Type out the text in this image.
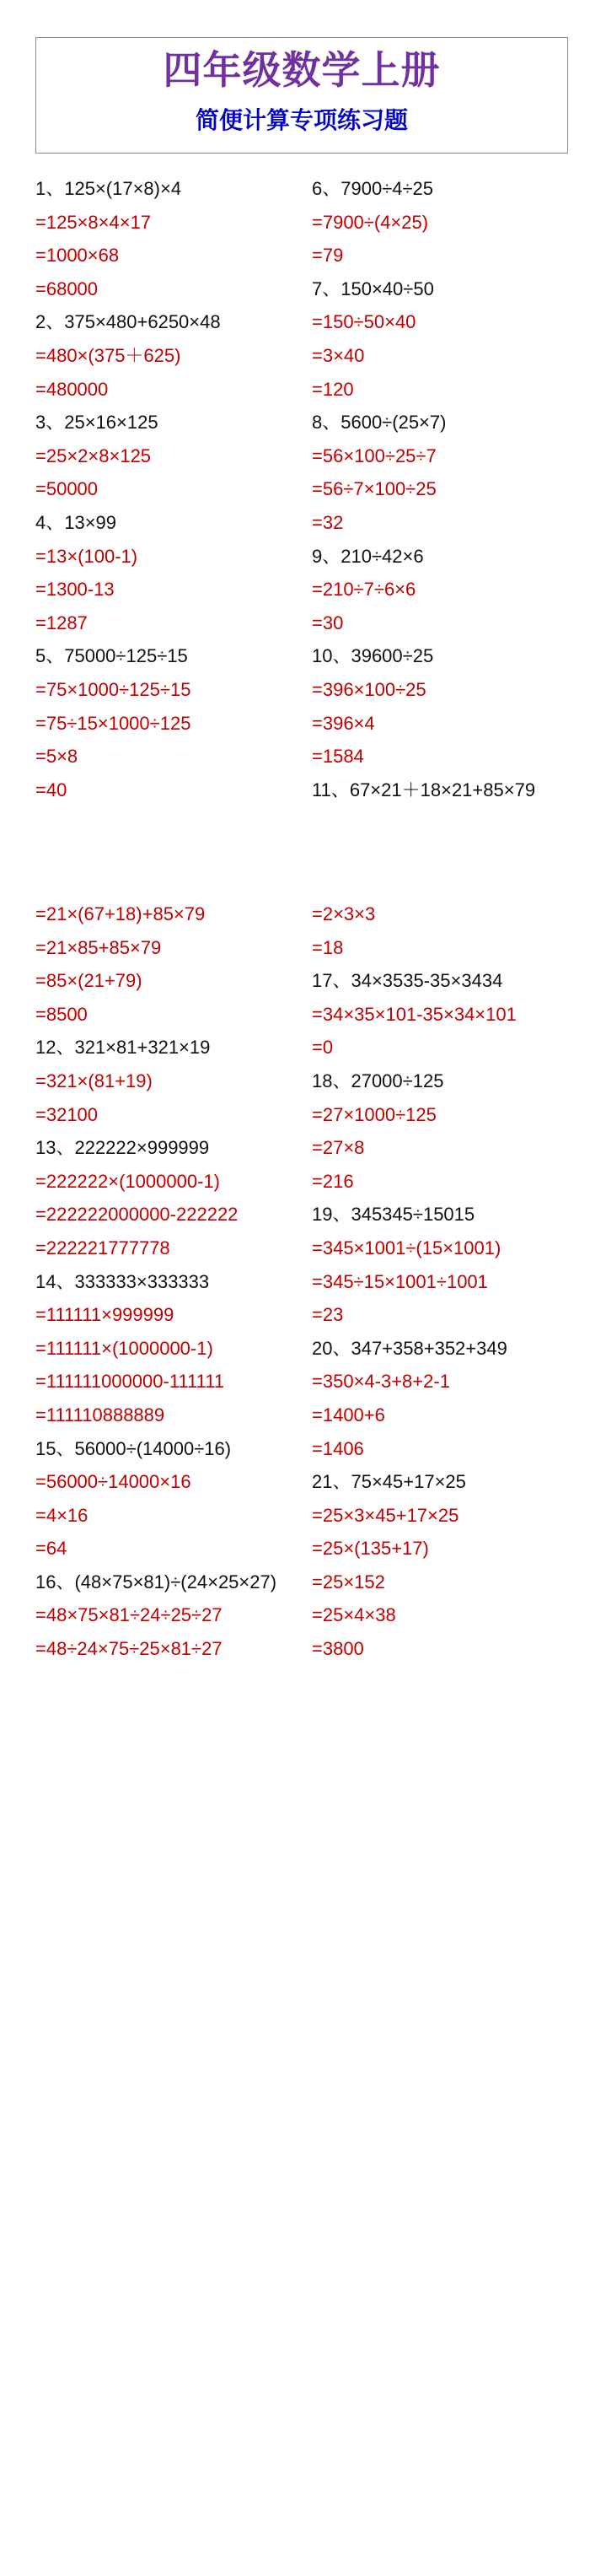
四年级数学上册
简便计算专项练习题
1、125×(17×8)×4
=125×8×4×17
=1000×68
=68000
2、375×480+6250×48
=480×(375＋625)
=480000
3、25×16×125
=25×2×8×125
=50000
4、13×99
=13×(100-1)
=1300-13
=1287
5、75000÷125÷15
=75×1000÷125÷15
=75÷15×1000÷125
=5×8
=40
6、7900÷4÷25
=7900÷(4×25)
=79
7、150×40÷50
=150÷50×40
=3×40
=120
8、5600÷(25×7)
=56×100÷25÷7
=56÷7×100÷25
=32
9、210÷42×6
=210÷7÷6×6
=30
10、39600÷25
=396×100÷25
=396×4
=1584
11、67×21＋18×21+85×79
=21×(67+18)+85×79
=21×85+85×79
=85×(21+79)
=8500
12、321×81+321×19
=321×(81+19)
=32100
13、222222×999999
=222222×(1000000-1)
=222222000000-222222
=222221777778
14、333333×333333
=111111×999999
=111111×(1000000-1)
=111111000000-111111
=111110888889
15、56000÷(14000÷16)
=56000÷14000×16
=4×16
=64
16、(48×75×81)÷(24×25×27)
=48×75×81÷24÷25÷27
=48÷24×75÷25×81÷27
=2×3×3
=18
17、34×3535-35×3434
=34×35×101-35×34×101
=0
18、27000÷125
=27×1000÷125
=27×8
=216
19、345345÷15015
=345×1001÷(15×1001)
=345÷15×1001÷1001
=23
20、347+358+352+349
=350×4-3+8+2-1
=1400+6
=1406
21、75×45+17×25
=25×3×45+17×25
=25×(135+17)
=25×152
=25×4×38
=3800
